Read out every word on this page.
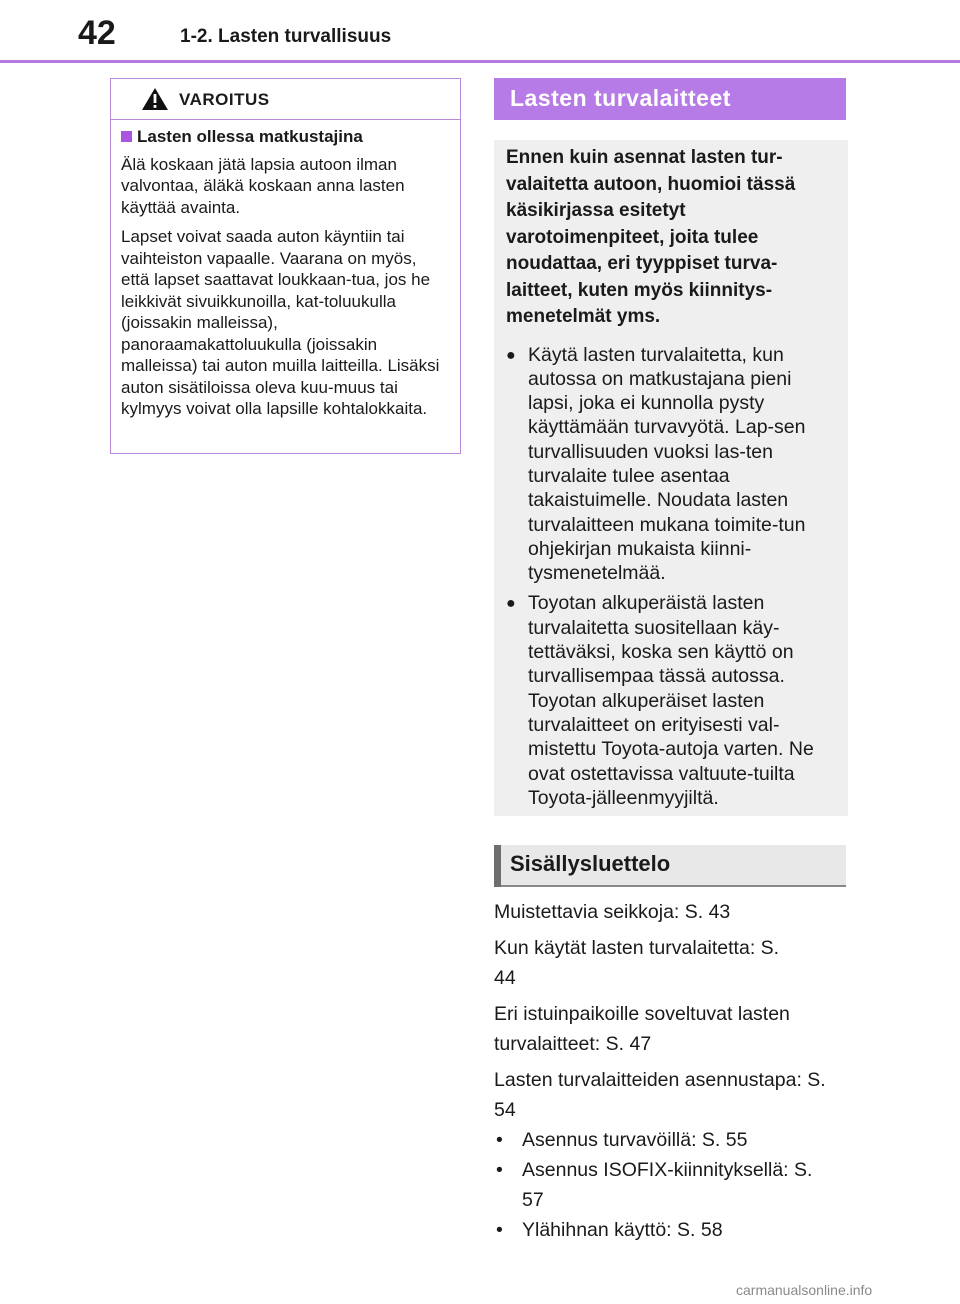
42	1-2. Lasten turvallisuus
VAROITUS
Lasten ollessa matkustajina

Älä koskaan jätä lapsia autoon ilman valvontaa, äläkä koskaan anna lasten käyttää avainta.

Lapset voivat saada auton käyntiin tai vaihteiston vapaalle. Vaarana on myös, että lapset saattavat loukkaan-tua, jos he leikkivät sivuikkunoilla, kat-toluukulla (joissakin malleissa), panoraamakattoluukulla (joissakin malleissa) tai auton muilla laitteilla. Lisäksi auton sisätiloissa oleva kuu-muus tai kylmyys voivat olla lapsille kohtalokkaita.

Lasten turvalaitteet

Ennen kuin asennat lasten tur-valaitetta autoon, huomioi tässä käsikirjassa esitetyt varotoimenpiteet, joita tulee noudattaa, eri tyyppiset turva-laitteet, kuten myös kiinnitys-menetelmät yms.

● Käytä lasten turvalaitetta, kun autossa on matkustajana pieni lapsi, joka ei kunnolla pysty käyttämään turvavyötä. Lap-sen turvallisuuden vuoksi las-ten turvalaite tulee asentaa takaistuimelle. Noudata lasten turvalaitteen mukana toimite-tun ohjekirjan mukaista kiinni-tysmenetelmää.
● Toyotan alkuperäistä lasten turvalaitetta suositellaan käy-tettäväksi, koska sen käyttö on turvallisempaa tässä autossa. Toyotan alkuperäiset lasten turvalaitteet on erityisesti val-mistettu Toyota-autoja varten. Ne ovat ostettavissa valtuute-tuilta Toyota-jälleenmyyjiltä.
Sisällysluettelo
Muistettavia seikkoja: S. 43
Kun käytät lasten turvalaitetta: S. 44
Eri istuinpaikoille soveltuvat lasten turvalaitteet: S. 47
Lasten turvalaitteiden asennustapa: S. 54
• Asennus turvavöillä: S. 55
• Asennus ISOFIX-kiinnityksellä: S. 57
• Ylähihnan käyttö: S. 58
carmanualsonline.info
